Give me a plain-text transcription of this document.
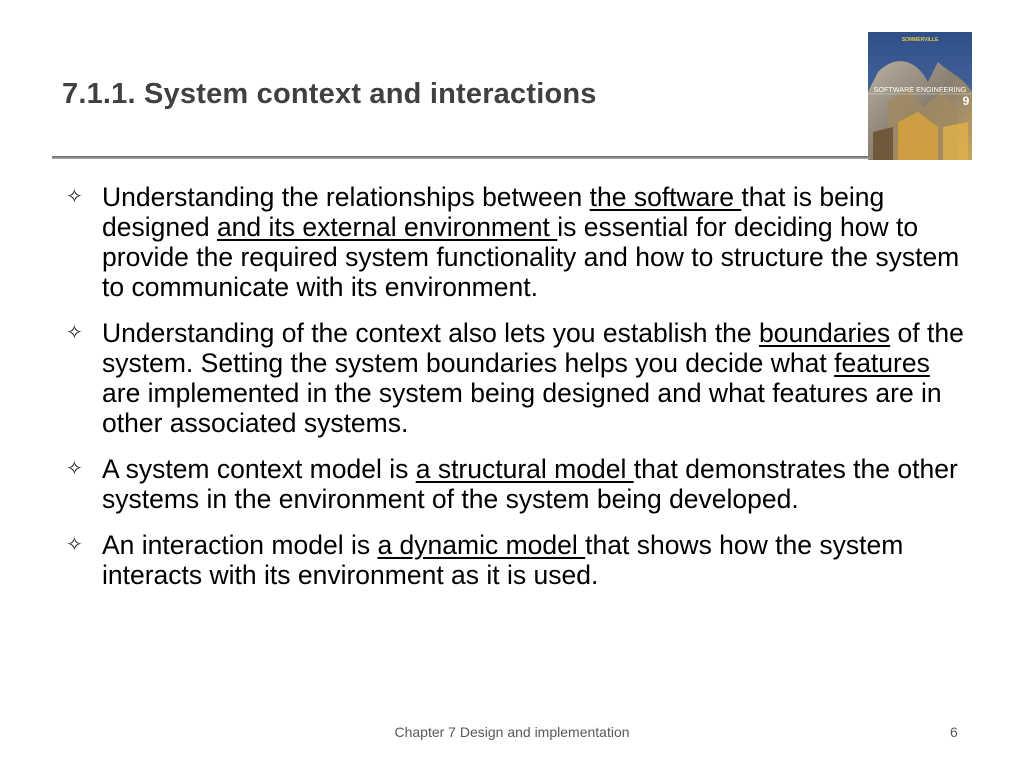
7.1.1. System context and interactions
SOMMERVILLE
SOFTWARE ENGINEERING
9
✧ Understanding the relationships between the software that is being designed and its external environment is essential for deciding how to provide the required system functionality and how to structure the system to communicate with its environment.
✧ Understanding of the context also lets you establish the boundaries of the system. Setting the system boundaries helps you decide what features are implemented in the system being designed and what features are in other associated systems.
✧ A system context model is a structural model that demonstrates the other systems in the environment of the system being developed.
✧ An interaction model is a dynamic model that shows how the system interacts with its environment as it is used.
Chapter 7 Design and implementation	6
